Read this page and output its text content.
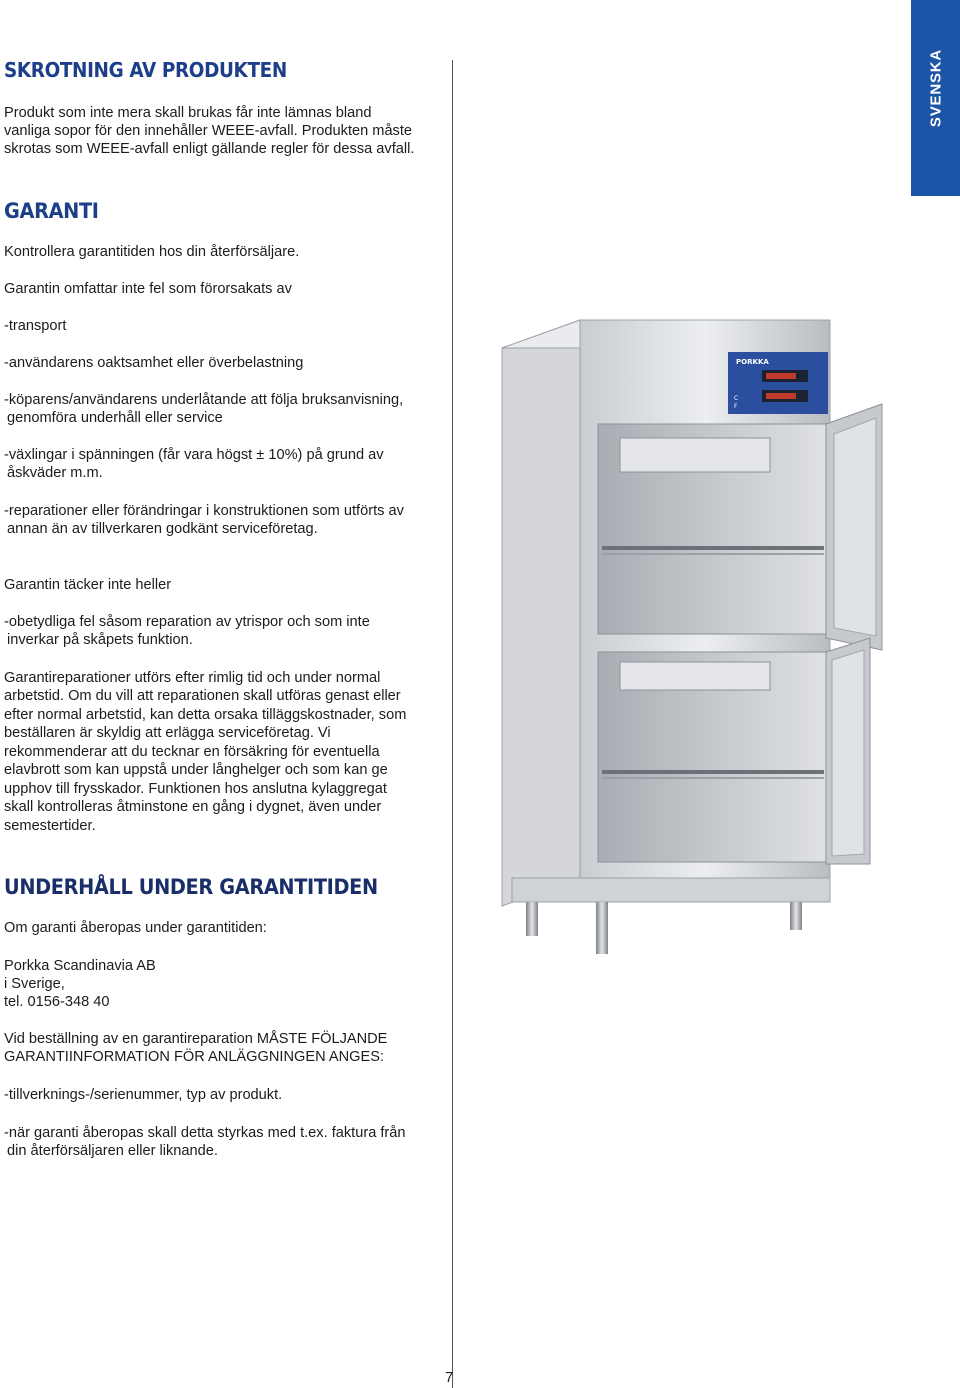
SVENSKA
SKROTNING AV PRODUKTEN

Produkt som inte mera skall brukas får inte lämnas bland

vanliga sopor för den innehåller WEEE-avfall. Produkten måste

skrotas som WEEE-avfall enligt gällande regler för dessa avfall.

GARANTI

Kontrollera garantitiden hos din återförsäljare.

Garantin omfattar inte fel som förorsakats av

-transport

-användarens oaktsamhet eller överbelastning

-köparens/användarens underlåtande att följa bruksanvisning,

genomföra underhåll eller service

-växlingar i spänningen (får vara högst ± 10%) på grund av

åskväder m.m.

-reparationer eller förändringar i konstruktionen som utförts av

annan än av tillverkaren godkänt serviceföretag.

Garantin täcker inte heller

-obetydliga fel såsom reparation av ytrispor och som inte

inverkar på skåpets funktion.

Garantireparationer utförs efter rimlig tid och under normal

arbetstid. Om du vill att reparationen skall utföras genast eller

efter normal arbetstid, kan detta orsaka tilläggskostnader, som

beställaren är skyldig att erlägga serviceföretag. Vi

rekommenderar att du tecknar en försäkring för eventuella

elavbrott som kan uppstå under långhelger och som kan ge

upphov till frysskador. Funktionen hos anslutna kylaggregat

skall kontrolleras åtminstone en gång i dygnet, även under

semestertider.

UNDERHÅLL UNDER GARANTITIDEN

Om garanti åberopas under garantitiden:

Porkka Scandinavia AB

i Sverige,

tel. 0156-348 40

Vid beställning av en garantireparation MÅSTE FÖLJANDE

GARANTIINFORMATION FÖR ANLÄGGNINGEN ANGES:

-tillverknings-/serienummer, typ av produkt.

-när garanti åberopas skall detta styrkas med t.ex. faktura från

din återförsäljaren eller liknande.

PORKKA
C
F
7
